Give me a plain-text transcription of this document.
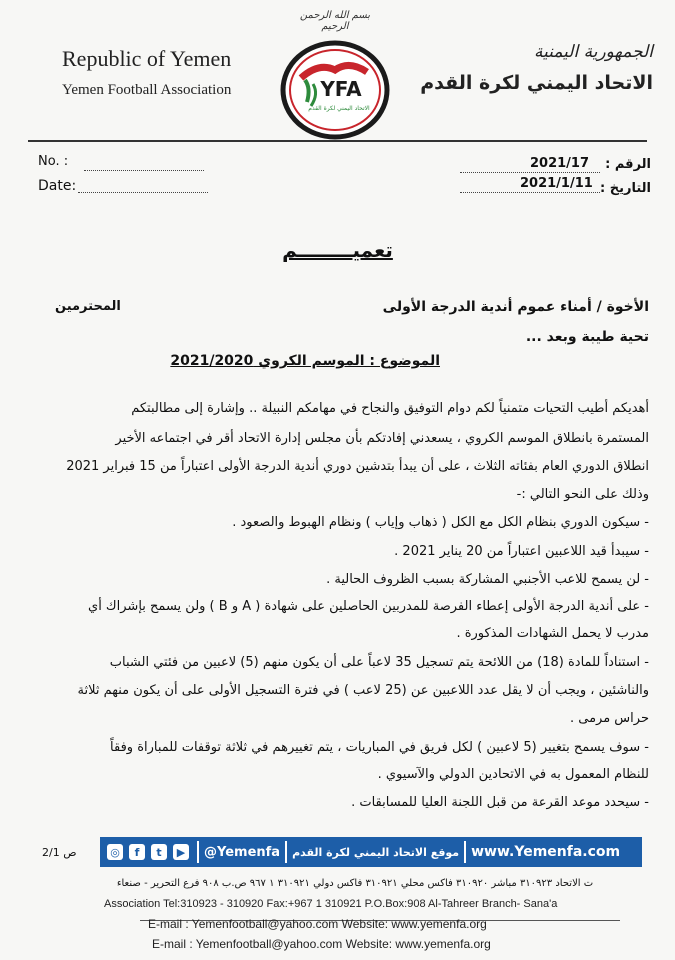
Republic of Yemen
Yemen Football Association
بسم الله الرحمن الرحيم
YFA
الاتحاد اليمني لكرة القدم
الجمهورية اليمنية
الاتحاد اليمني لكرة القدم
No. :
Date:
الرقم :
2021/17
التاريخ :
2021/1/11
تعميــــــــم
الأخوة / أمناء عموم أندية الدرجة الأولى
المحترمين
تحية طيبة وبعد ...
الموضوع : الموسم الكروي 2021/2020
أهديكم أطيب التحيات متمنياً لكم دوام التوفيق والنجاح في مهامكم النبيلة .. وإشارة إلى مطالبتكم
المستمرة بانطلاق الموسم الكروي ، يسعدني إفادتكم بأن مجلس إدارة الاتحاد أقر في اجتماعه الأخير
انطلاق الدوري العام بفئاته الثلاث ، على أن يبدأ بتدشين دوري أندية الدرجة الأولى اعتباراً من 15 فبراير 2021
وذلك على النحو التالي :-
- سيكون الدوري بنظام الكل مع الكل ( ذهاب وإياب ) ونظام الهبوط والصعود .
- سيبدأ قيد اللاعبين اعتباراً من 20 يناير 2021 .
- لن يسمح للاعب الأجنبي المشاركة بسبب الظروف الحالية .
- على أندية الدرجة الأولى إعطاء الفرصة للمدربين الحاصلين على شهادة ( A و B ) ولن يسمح بإشراك أي
مدرب لا يحمل الشهادات المذكورة .
- استناداً للمادة (18) من اللائحة يتم تسجيل 35 لاعباً على أن يكون منهم (5) لاعبين من فئتي الشباب
والناشئين ، ويجب أن لا يقل عدد اللاعبين عن (25 لاعب ) في فترة التسجيل الأولى على أن يكون منهم ثلاثة
حراس مرمى .
- سوف يسمح بتغيير (5 لاعبين ) لكل فريق في المباريات ، يتم تغييرهم في ثلاثة توقفات للمباراة وفقاً
للنظام المعمول به في الاتحادين الدولي والآسيوي .
- سيحدد موعد القرعة من قبل اللجنة العليا للمسابقات .
ص 2/1	◎	f	t	▶ @Yemenfa موقع الاتحاد اليمني لكرة القدم www.Yemenfa.com
ت الاتحاد ٣١٠٩٢٣ مباشر ٣١٠٩٢٠ فاكس محلي ٣١٠٩٢١ فاكس دولي ٣١٠٩٢١ ١ ٩٦٧ ص.ب ٩٠٨ فرع التحرير - صنعاء
Association Tel:310923 - 310920 Fax:+967 1 310921 P.O.Box:908 Al-Tahreer Branch- Sana'a
E-mail : Yemenfootball@yahoo.com Website: www.yemenfa.org
E-mail : Yemenfootball@yahoo.com Website: www.yemenfa.org
